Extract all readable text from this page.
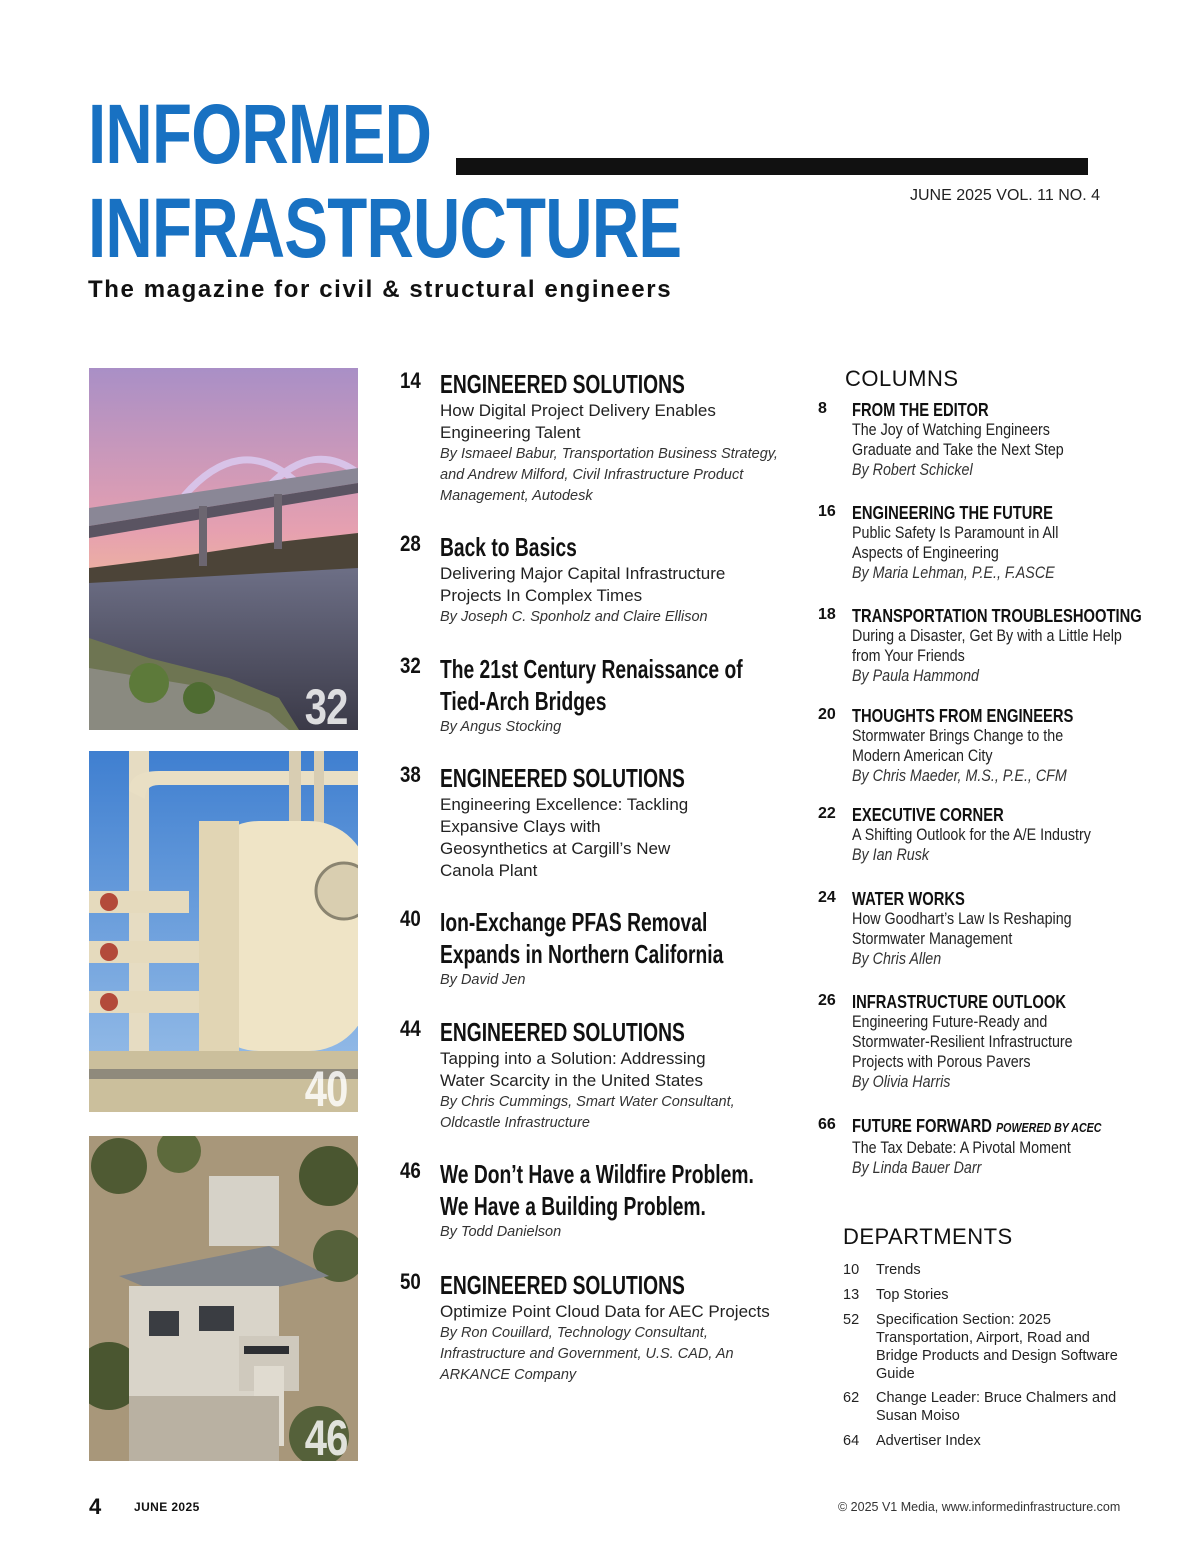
INFORMED
INFRASTRUCTURE	JUNE 2025 VOL. 11 NO. 4
The magazine for civil & structural engineers
32
40
46
14 ENGINEERED SOLUTIONS
How Digital Project Delivery Enables Engineering Talent
By Ismaeel Babur, Transportation Business Strategy, and Andrew Milford, Civil Infrastructure Product Management, Autodesk
28 Back to Basics
Delivering Major Capital Infrastructure Projects In Complex Times
By Joseph C. Sponholz and Claire Ellison
32 The 21st Century Renaissance of Tied-Arch Bridges
By Angus Stocking
38 ENGINEERED SOLUTIONS
Engineering Excellence: Tackling Expansive Clays with Geosynthetics at Cargill’s New Canola Plant
40 Ion-Exchange PFAS Removal Expands in Northern California
By David Jen
44 ENGINEERED SOLUTIONS
Tapping into a Solution: Addressing Water Scarcity in the United States
By Chris Cummings, Smart Water Consultant, Oldcastle Infrastructure
46 We Don’t Have a Wildfire Problem. We Have a Building Problem.
By Todd Danielson
50 ENGINEERED SOLUTIONS
Optimize Point Cloud Data for AEC Projects
By Ron Couillard, Technology Consultant, Infrastructure and Government, U.S. CAD, An ARKANCE Company
COLUMNS
8 FROM THE EDITOR
The Joy of Watching Engineers Graduate and Take the Next Step
By Robert Schickel
16 ENGINEERING THE FUTURE
Public Safety Is Paramount in All Aspects of Engineering
By Maria Lehman, P.E., F.ASCE
18 TRANSPORTATION TROUBLESHOOTING
During a Disaster, Get By with a Little Help from Your Friends
By Paula Hammond
20 THOUGHTS FROM ENGINEERS
Stormwater Brings Change to the Modern American City
By Chris Maeder, M.S., P.E., CFM
22 EXECUTIVE CORNER
A Shifting Outlook for the A/E Industry
By Ian Rusk
24 WATER WORKS
How Goodhart’s Law Is Reshaping Stormwater Management
By Chris Allen
26 INFRASTRUCTURE OUTLOOK
Engineering Future-Ready and Stormwater-Resilient Infrastructure Projects with Porous Pavers
By Olivia Harris
66 FUTURE FORWARD POWERED BY ACEC
The Tax Debate: A Pivotal Moment
By Linda Bauer Darr
DEPARTMENTS
10 Trends
13 Top Stories
52 Specification Section: 2025 Transportation, Airport, Road and Bridge Products and Design Software Guide
62 Change Leader: Bruce Chalmers and Susan Moiso
64 Advertiser Index
4	JUNE 2025	© 2025 V1 Media, www.informedinfrastructure.com
